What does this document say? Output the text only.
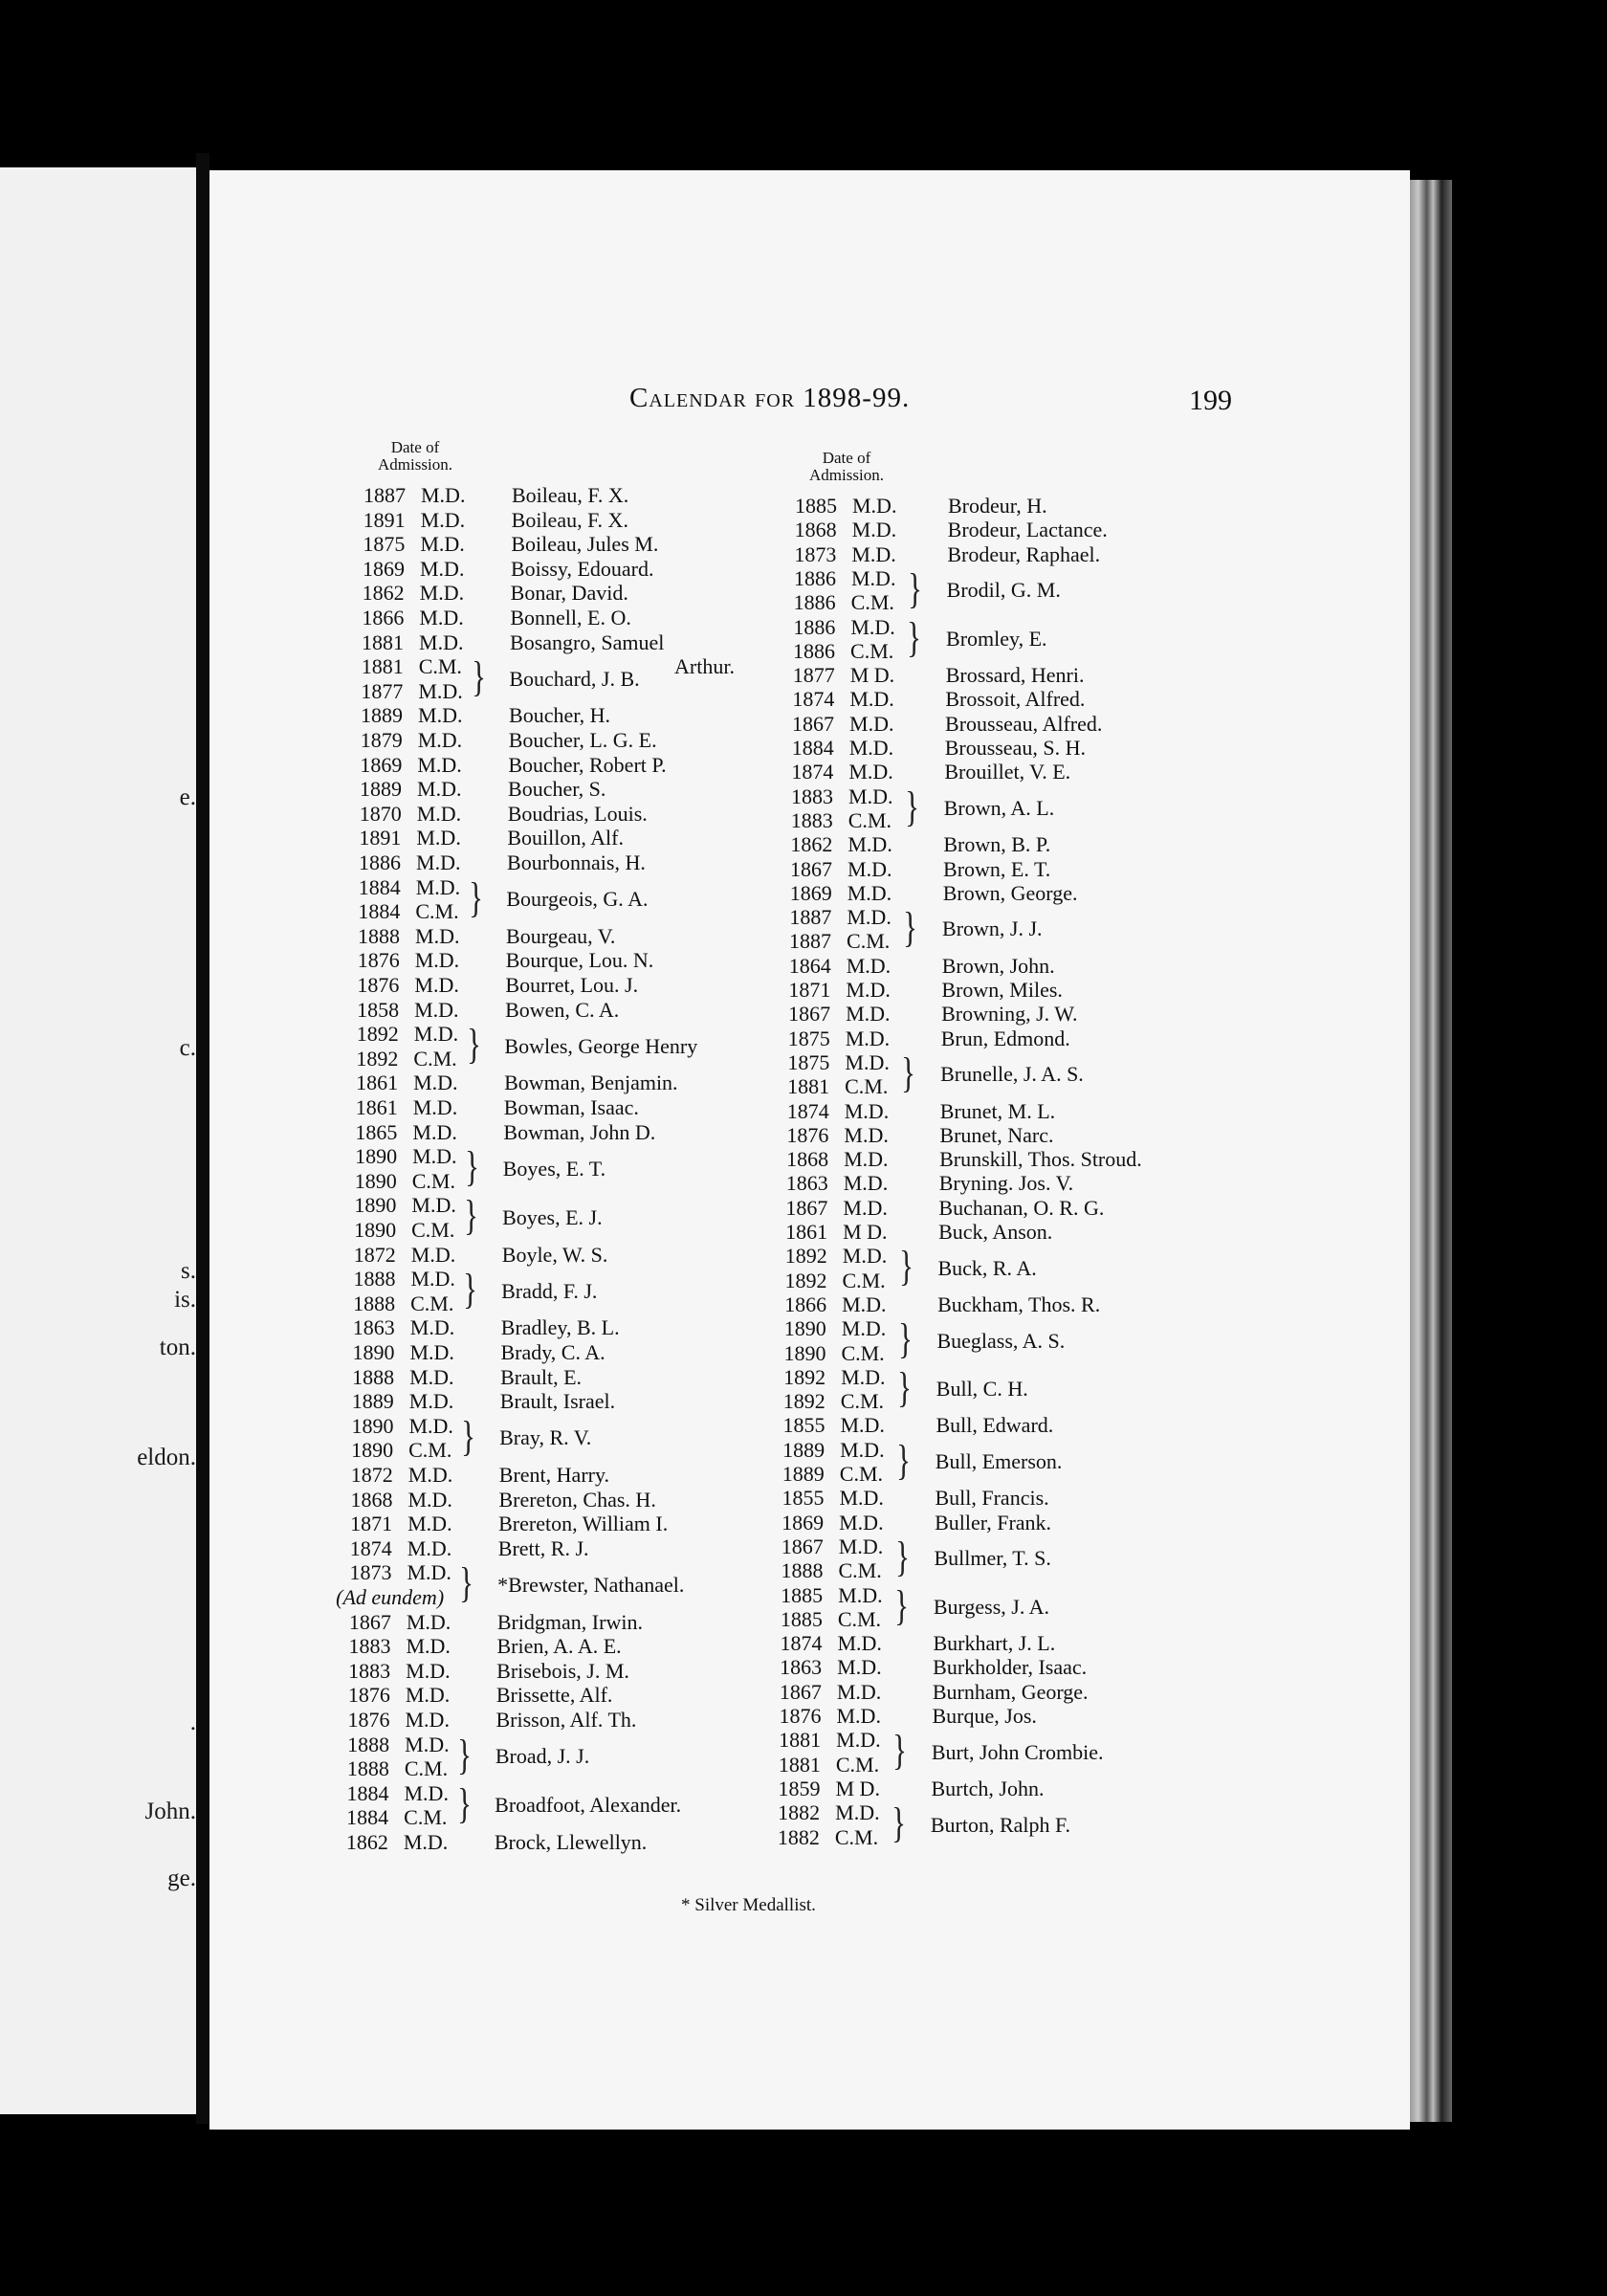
e.
c.
s.
is.
ton.
eldon.
.
John.
ge.
Calendar for 1898-99.	199
Date of Admission.
1887 M.D. Boileau, F. X.
1891 M.D. Boileau, F. X.
1875 M.D. Boileau, Jules M.
1869 M.D. Boissy, Edouard.
1862 M.D. Bonar, David.
1866 M.D. Bonnell, E. O.
1881 M.D. Bosangro, Samuel
1881 C.M. }
1877 M.D.
Bouchard, J. B.
1889 M.D. Boucher, H.
1879 M.D. Boucher, L. G. E.
1869 M.D. Boucher, Robert P.
1889 M.D. Boucher, S.
1870 M.D. Boudrias, Louis.
1891 M.D. Bouillon, Alf.
1886 M.D. Bourbonnais, H.
1884 M.D. }
1884 C.M.
Bourgeois, G. A.
1888 M.D. Bourgeau, V.
1876 M.D. Bourque, Lou. N.
1876 M.D. Bourret, Lou. J.
1858 M.D. Bowen, C. A.
1892 M.D. }
1892 C.M.
Bowles, George Henry
1861 M.D. Bowman, Benjamin.
1861 M.D. Bowman, Isaac.
1865 M.D. Bowman, John D.
1890 M.D. }
1890 C.M.
Boyes, E. T.
1890 M.D. }
1890 C.M.
Boyes, E. J.
1872 M.D. Boyle, W. S.
1888 M.D. }
1888 C.M.
Bradd, F. J.
1863 M.D. Bradley, B. L.
1890 M.D. Brady, C. A.
1888 M.D. Brault, E.
1889 M.D. Brault, Israel.
1890 M.D. }
1890 C.M.
Bray, R. V.
1872 M.D. Brent, Harry.
1868 M.D. Brereton, Chas. H.
1871 M.D. Brereton, William I.
1874 M.D. Brett, R. J.
1873 M.D. }
(Ad eundem)
*Brewster, Nathanael.
1867 M.D. Bridgman, Irwin.
1883 M.D. Brien, A. A. E.
1883 M.D. Brisebois, J. M.
1876 M.D. Brissette, Alf.
1876 M.D. Brisson, Alf. Th.
1888 M.D. }
1888 C.M.
Broad, J. J.
1884 M.D. }
1884 C.M.
Broadfoot, Alexander.
1862 M.D. Brock, Llewellyn.
Arthur.
Date of Admission.
1885 M.D. Brodeur, H.
1868 M.D. Brodeur, Lactance.
1873 M.D. Brodeur, Raphael.
1886 M.D. }
1886 C.M.
Brodil, G. M.
1886 M.D. }
1886 C.M.
Bromley, E.
1877 M D. Brossard, Henri.
1874 M.D. Brossoit, Alfred.
1867 M.D. Brousseau, Alfred.
1884 M.D. Brousseau, S. H.
1874 M.D. Brouillet, V. E.
1883 M.D. }
1883 C.M.
Brown, A. L.
1862 M.D. Brown, B. P.
1867 M.D. Brown, E. T.
1869 M.D. Brown, George.
1887 M.D. }
1887 C.M.
Brown, J. J.
1864 M.D. Brown, John.
1871 M.D. Brown, Miles.
1867 M.D. Browning, J. W.
1875 M.D. Brun, Edmond.
1875 M.D. }
1881 C.M.
Brunelle, J. A. S.
1874 M.D. Brunet, M. L.
1876 M.D. Brunet, Narc.
1868 M.D. Brunskill, Thos. Stroud.
1863 M.D. Bryning. Jos. V.
1867 M.D. Buchanan, O. R. G.
1861 M D. Buck, Anson.
1892 M.D. }
1892 C.M.
Buck, R. A.
1866 M.D. Buckham, Thos. R.
1890 M.D. }
1890 C.M.
Bueglass, A. S.
1892 M.D. }
1892 C.M.
Bull, C. H.
1855 M.D. Bull, Edward.
1889 M.D. }
1889 C.M.
Bull, Emerson.
1855 M.D. Bull, Francis.
1869 M.D. Buller, Frank.
1867 M.D. }
1888 C.M.
Bullmer, T. S.
1885 M.D. }
1885 C.M.
Burgess, J. A.
1874 M.D. Burkhart, J. L.
1863 M.D. Burkholder, Isaac.
1867 M.D. Burnham, George.
1876 M.D. Burque, Jos.
1881 M.D. }
1881 C.M.
Burt, John Crombie.
1859 M D. Burtch, John.
1882 M.D. }
1882 C.M.
Burton, Ralph F.
* Silver Medallist.
